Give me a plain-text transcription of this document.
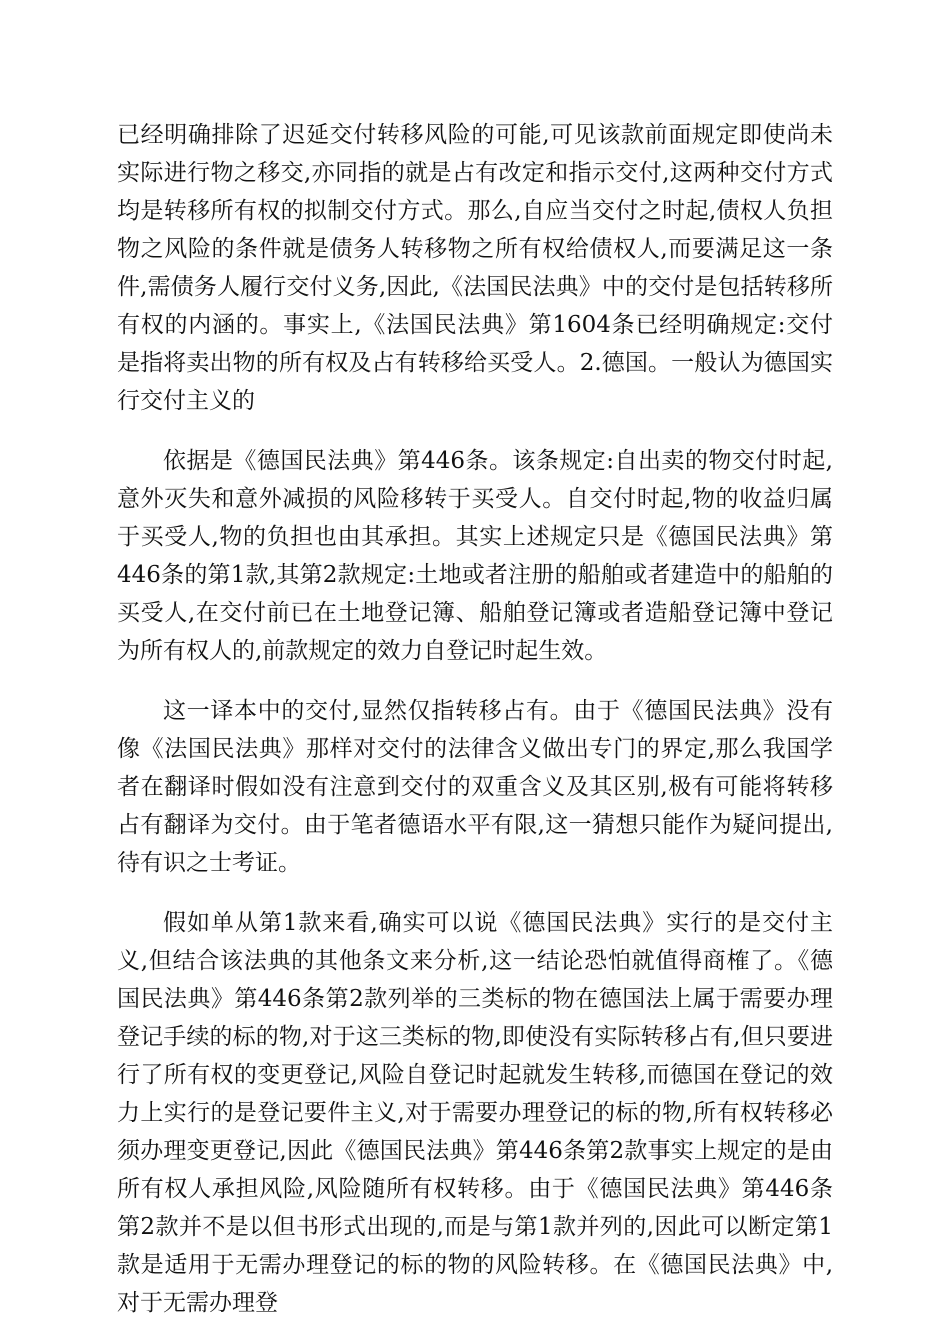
已经明确排除了迟延交付转移风险的可能,可见该款前面规定即使尚未实际进行物之移交,亦同指的就是占有改定和指示交付,这两种交付方式均是转移所有权的拟制交付方式。那么,自应当交付之时起,债权人负担物之风险的条件就是债务人转移物之所有权给债权人,而要满足这一条件,需债务人履行交付义务,因此,《法国民法典》中的交付是包括转移所有权的内涵的。事实上,《法国民法典》第1604条已经明确规定:交付是指将卖出物的所有权及占有转移给买受人。2.德国。一般认为德国实行交付主义的

依据是《德国民法典》第446条。该条规定:自出卖的物交付时起,意外灭失和意外减损的风险移转于买受人。自交付时起,物的收益归属于买受人,物的负担也由其承担。其实上述规定只是《德国民法典》第446条的第1款,其第2款规定:土地或者注册的船舶或者建造中的船舶的买受人,在交付前已在土地登记簿、船舶登记簿或者造船登记簿中登记为所有权人的,前款规定的效力自登记时起生效。

这一译本中的交付,显然仅指转移占有。由于《德国民法典》没有像《法国民法典》那样对交付的法律含义做出专门的界定,那么我国学者在翻译时假如没有注意到交付的双重含义及其区别,极有可能将转移占有翻译为交付。由于笔者德语水平有限,这一猜想只能作为疑问提出,待有识之士考证。

假如单从第1款来看,确实可以说《德国民法典》实行的是交付主义,但结合该法典的其他条文来分析,这一结论恐怕就值得商榷了。《德国民法典》第446条第2款列举的三类标的物在德国法上属于需要办理登记手续的标的物,对于这三类标的物,即使没有实际转移占有,但只要进行了所有权的变更登记,风险自登记时起就发生转移,而德国在登记的效力上实行的是登记要件主义,对于需要办理登记的标的物,所有权转移必须办理变更登记,因此《德国民法典》第446条第2款事实上规定的是由所有权人承担风险,风险随所有权转移。由于《德国民法典》第446条第2款并不是以但书形式出现的,而是与第1款并列的,因此可以断定第1款是适用于无需办理登记的标的物的风险转移。在《德国民法典》中,对于无需办理登
